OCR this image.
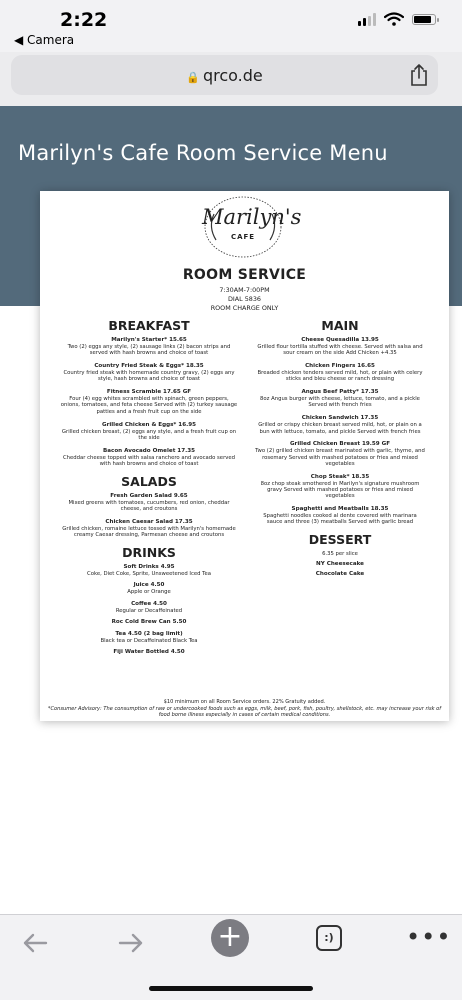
2:22
◀ Camera
🔒 qrco.de
Marilyn's Cafe Room Service Menu
Marilyn's
CAFE
ROOM SERVICE
7:30AM-7:00PM
DIAL 5836
ROOM CHARGE ONLY
BREAKFAST
Marilyn's Starter* 15.65
Two (2) eggs any style, (2) sausage links (2) bacon strips and served with hash browns and choice of toast
Country Fried Steak & Eggs* 18.35
Country fried steak with homemade country gravy, (2) eggs any style, hash browns and choice of toast
Fitness Scramble 17.65 GF
Four (4) egg whites scrambled with spinach, green peppers, onions, tomatoes, and feta cheese Served with (2) turkey sausage patties and a fresh fruit cup on the side
Grilled Chicken & Eggs* 16.95
Grilled chicken breast, (2) eggs any style, and a fresh fruit cup on the side
Bacon Avocado Omelet 17.35
Cheddar cheese topped with salsa ranchero and avocado served with hash browns and choice of toast
SALADS
Fresh Garden Salad 9.65
Mixed greens with tomatoes, cucumbers, red onion, cheddar cheese, and croutons
Chicken Caesar Salad 17.35
Grilled chicken, romaine lettuce tossed with Marilyn's homemade creamy Caesar dressing, Parmesan cheese and croutons
DRINKS
Soft Drinks 4.95
Coke, Diet Coke, Sprite, Unsweetened Iced Tea
Juice 4.50
Apple or Orange
Coffee 4.50
Regular or Decaffeinated
Roc Cold Brew Can 5.50
Tea 4.50 (2 bag limit)
Black tea or Decaffeinated Black Tea
Fiji Water Bottled 4.50
MAIN
Cheese Quesadilla 13.95
Grilled flour tortilla stuffed with cheese. Served with salsa and sour cream on the side Add Chicken +4.35
Chicken Fingers 16.65
Breaded chicken tenders served mild, hot, or plain with celery sticks and bleu cheese or ranch dressing
Angus Beef Patty* 17.35
8oz Angus burger with cheese, lettuce, tomato, and a pickle Served with french fries
Chicken Sandwich 17.35
Grilled or crispy chicken breast served mild, hot, or plain on a bun with lettuce, tomato, and pickle Served with french fries
Grilled Chicken Breast 19.59 GF
Two (2) grilled chicken breast marinated with garlic, thyme, and rosemary Served with mashed potatoes or fries and mixed vegetables
Chop Steak* 18.35
8oz chop steak smothered in Marilyn's signature mushroom gravy Served with mashed potatoes or fries and mixed vegetables
Spaghetti and Meatballs 18.35
Spaghetti noodles cooked al dente covered with marinara sauce and three (3) meatballs Served with garlic bread
DESSERT
6.35 per slice
NY Cheesecake
Chocolate Cake
$10 minimum on all Room Service orders. 22% Gratuity added.
*Consumer Advisory: The consumption of raw or undercooked foods such as eggs, milk, beef, pork, fish, poultry, shellstock, etc. may increase your risk of food borne illness especially in cases of certain medical conditions.
+	:)	•••
